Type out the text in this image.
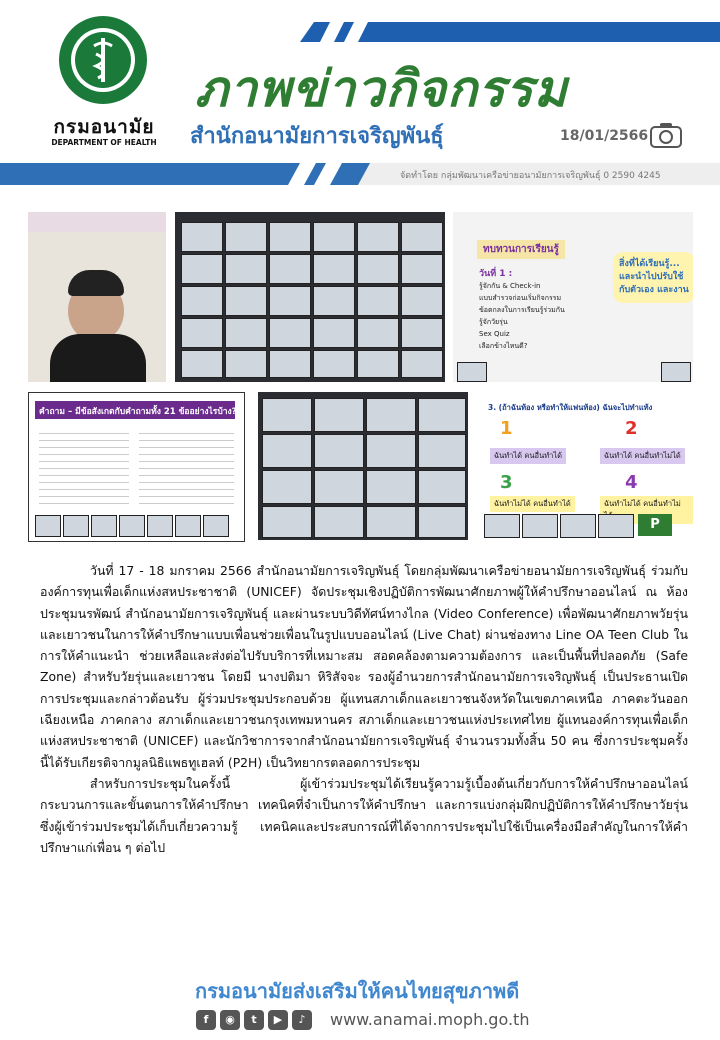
กรมอนามัย
DEPARTMENT OF HEALTH
ภาพข่าวกิจกรรม
สำนักอนามัยการเจริญพันธุ์	18/01/2566
จัดทำโดย กลุ่มพัฒนาเครือข่ายอนามัยการเจริญพันธุ์ 0 2590 4245
ทบทวนการเรียนรู้
วันที่ 1 :
รู้จักกัน & Check-in
แบบสำรวจก่อนเริ่มกิจกรรม
ข้อตกลงในการเรียนรู้ร่วมกัน
รู้จักวัยรุ่น
Sex Quiz
เลือกข้างไหนดี?
สิ่งที่ได้เรียนรู้... และนำไปปรับใช้กับตัวเอง และงาน
คำถาม – มีข้อสังเกตกับคำถามทั้ง 21 ข้ออย่างไรบ้าง?	3. (ถ้าฉันท้อง หรือทำให้แฟนท้อง) ฉันจะไปทำแท้ง
1	2
ฉันทำได้ คนอื่นทำได้	ฉันทำได้ คนอื่นทำไม่ได้
3	4
ฉันทำไม่ได้ คนอื่นทำได้	ฉันทำไม่ได้ คนอื่นทำไม่
P

วันที่ 17 - 18 มกราคม 2566 สำนักอนามัยการเจริญพันธุ์ โดยกลุ่มพัฒนาเครือข่ายอนามัยการเจริญพันธุ์ ร่วมกับองค์การทุนเพื่อเด็กแห่งสหประชาชาติ (UNICEF) จัดประชุมเชิงปฏิบัติการพัฒนาศักยภาพผู้ให้คำปรึกษาออนไลน์ ณ ห้องประชุมนรพัฒน์ สำนักอนามัยการเจริญพันธุ์ และผ่านระบบวิดีทัศน์ทางไกล (Video Conference) เพื่อพัฒนาศักยภาพวัยรุ่นและเยาวชนในการให้คำปรึกษาแบบเพื่อนช่วยเพื่อนในรูปแบบออนไลน์ (Live Chat) ผ่านช่องทาง Line OA Teen Club ในการให้คำแนะนำ ช่วยเหลือและส่งต่อไปรับบริการที่เหมาะสม สอดคล้องตามความต้องการ และเป็นพื้นที่ปลอดภัย (Safe Zone) สำหรับวัยรุ่นและเยาวชน โดยมี นางปติมา หิริสัจจะ รองผู้อำนวยการสำนักอนามัยการเจริญพันธุ์ เป็นประธานเปิดการประชุมและกล่าวต้อนรับ ผู้ร่วมประชุมประกอบด้วย ผู้แทนสภาเด็กและเยาวชนจังหวัดในเขตภาคเหนือ ภาคตะวันออกเฉียงเหนือ ภาคกลาง สภาเด็กและเยาวชนกรุงเทพมหานคร สภาเด็กและเยาวชนแห่งประเทศไทย ผู้แทนองค์การทุนเพื่อเด็กแห่งสหประชาชาติ (UNICEF) และนักวิชาการจากสำนักอนามัยการเจริญพันธุ์ จำนวนรวมทั้งสิ้น 50 คน ซึ่งการประชุมครั้งนี้ได้รับเกียรติจากมูลนิธิแพธทูเฮลท์ (P2H) เป็นวิทยากรตลอดการประชุม

สำหรับการประชุมในครั้งนี้ ผู้เข้าร่วมประชุมได้เรียนรู้ความรู้เบื้องต้นเกี่ยวกับการให้คำปรึกษาออนไลน์ กระบวนการและขั้นตนการให้คำปรึกษา เทคนิคที่จำเป็นการให้คำปรึกษา และการแบ่งกลุ่มฝึกปฏิบัติการให้คำปรึกษาวัยรุ่น ซึ่งผู้เข้าร่วมประชุมได้เก็บเกี่ยวความรู้ เทคนิคและประสบการณ์ที่ได้จากการประชุมไปใช้เป็นเครื่องมือสำคัญในการให้คำปรึกษาแก่เพื่อน ๆ ต่อไป

กรมอนามัยส่งเสริมให้คนไทยสุขภาพดี
f	◉	t	▶	♪	www.anamai.moph.go.th
